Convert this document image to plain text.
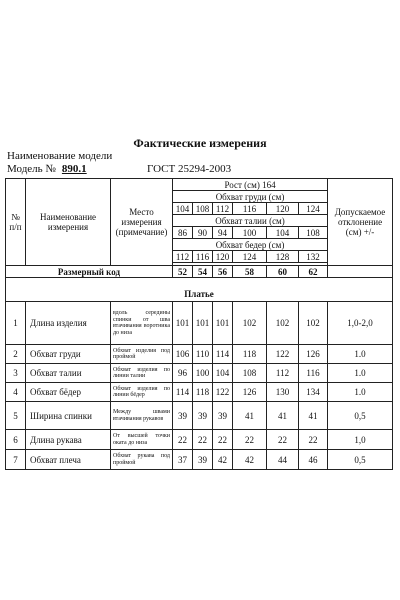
Фактические измерения
Наименование модели
Модель № 890.1	ГОСТ 25294-2003
№ п/п	Наименование измерения	Место измерения (примечание)	Рост (см) 164						Допускаемое отклонение (см) +/-
			Обхват груди (см)						
			104	108	112	116	120	124	
			Обхват талии (см)						
			86	90	94	100	104	108	
			Обхват бедер (см)						
			112	116	120	124	128	132	

Размерный код			52	54	56	58	60	62	
Платье									
1	Длина изделия	вдоль середины спинки от шва втачивания воротника до низа	101	101	101	102	102	102	1,0-2,0
2	Обхват груди	Обхват изделия под проймой	106	110	114	118	122	126	1.0
3	Обхват талии	Обхват изделия по линии талии	96	100	104	108	112	116	1.0
4	Обхват бёдер	Обхват изделия по линии бёдер	114	118	122	126	130	134	1.0
5	Ширина спинки	Между швами втачивания рукавов	39	39	39	41	41	41	0,5
6	Длина рукава	От высшей точки оката до низа	22	22	22	22	22	22	1,0
7	Обхват плеча	Обхват рукава под проймой	37	39	42	42	44	46	0,5
